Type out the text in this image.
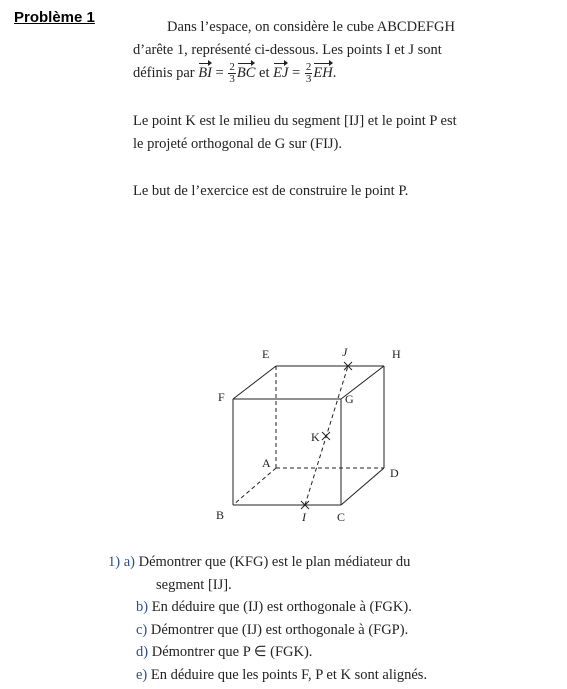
Problème 1
Dans l’espace, on considère le cube ABCDEFGH
d’arête 1, représenté ci-dessous. Les points I et J sont
définis par BI = $\frac{2}{3}$ BC et EJ = $\frac{2}{3}$ EH.
Le point K est le milieu du segment [IJ] et le point P est
le projeté orthogonal de G sur (FIJ).
Le but de l’exercice est de construire le point P.
E	J	H
F	G
K
A
D
B	I	C
1) a) Démontrer que (KFG) est le plan médiateur du
segment [IJ].
b) En déduire que (IJ) est orthogonale à (FGK).
c) Démontrer que (IJ) est orthogonale à (FGP).
d) Démontrer que P ∈ (FGK).
e) En déduire que les points F, P et K sont alignés.
